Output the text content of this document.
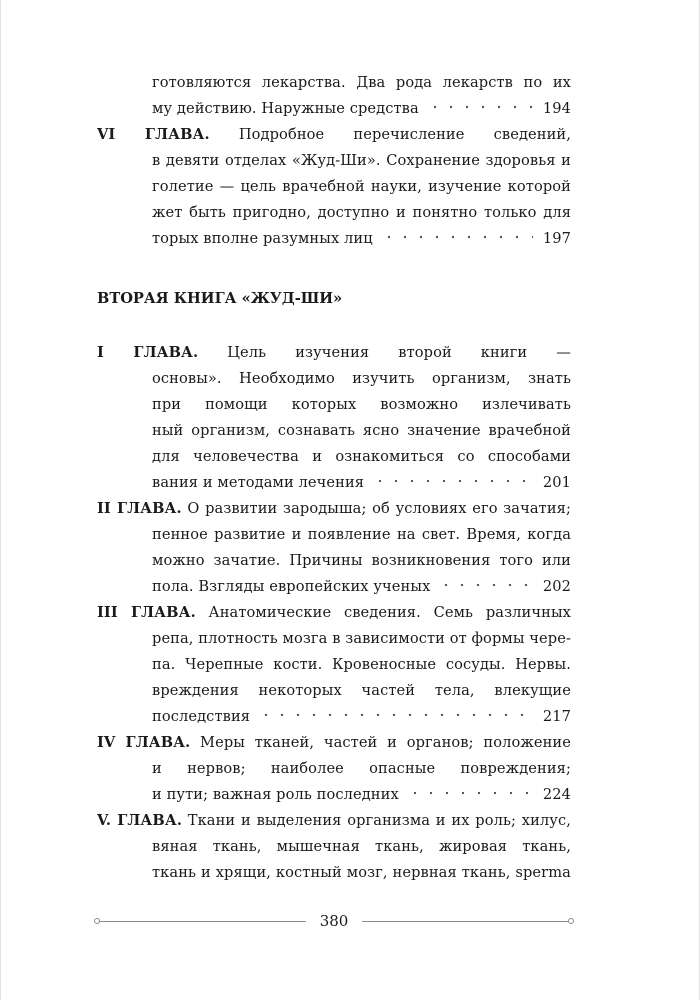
готовляются лекарства. Два рода лекарств по их
му действию. Наружные средства	194
VI ГЛАВА. Подробное перечисление сведений,
в девяти отделах «Жуд-Ши». Сохранение здоровья и
голетие — цель врачебной науки, изучение которой
жет быть пригодно, доступно и понятно только для
торых вполне разумных лиц	197
ВТОРАЯ КНИГА «ЖУД-ШИ»
I ГЛАВА. Цель изучения второй книги —
основы». Необходимо изучить организм, знать
при помощи которых возможно излечивать
ный организм, сознавать ясно значение врачебной
для человечества и ознакомиться со способами
вания и методами лечения	201
II ГЛАВА. О развитии зародыша; об условиях его зачатия;
пенное развитие и появление на свет. Время, когда
можно зачатие. Причины возникновения того или
пола. Взгляды европейских ученых	202
III ГЛАВА. Анатомические сведения. Семь различных
репа, плотность мозга в зависимости от формы чере-
па. Черепные кости. Кровеносные сосуды. Нервы.
вреждения некоторых частей тела, влекущие
последствия	217
IV ГЛАВА. Меры тканей, частей и органов; положение
и нервов; наиболее опасные повреждения;
и пути; важная роль последних	224
V. ГЛАВА. Ткани и выделения организма и их роль; хилус,
вяная ткань, мышечная ткань, жировая ткань,
ткань и хрящи, костный мозг, нервная ткань, sperma
380
